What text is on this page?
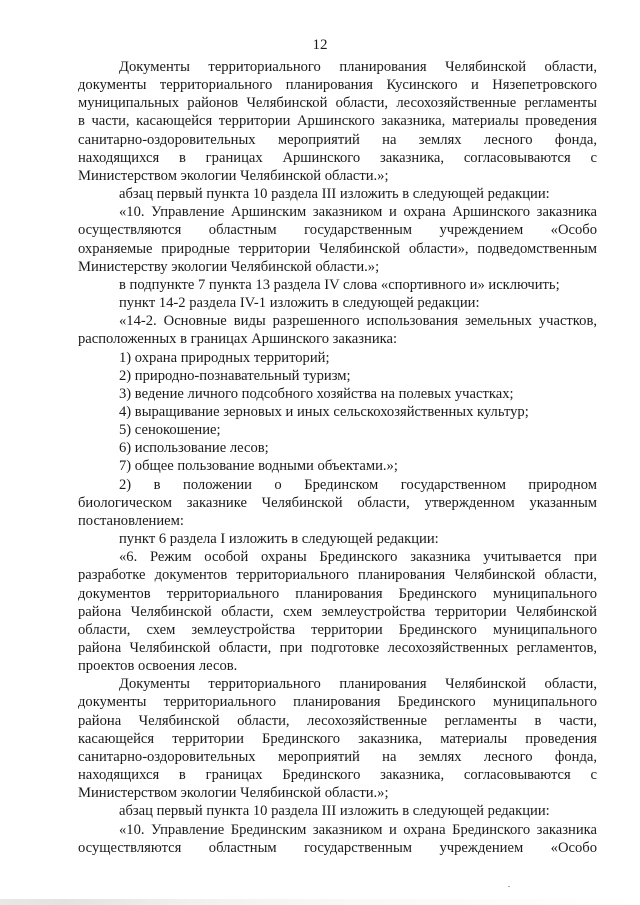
12
Документы территориального планирования Челябинской области,
документы территориального планирования Кусинского и Нязепетровского
муниципальных районов Челябинской области, лесохозяйственные регламенты
в части, касающейся территории Аршинского заказника, материалы проведения
санитарно-оздоровительных мероприятий на землях лесного фонда,
находящихся в границах Аршинского заказника, согласовываются с
Министерством экологии Челябинской области.»;
абзац первый пункта 10 раздела III изложить в следующей редакции:
«10. Управление Аршинским заказником и охрана Аршинского заказника
осуществляются областным государственным учреждением «Особо
охраняемые природные территории Челябинской области», подведомственным
Министерству экологии Челябинской области.»;
в подпункте 7 пункта 13 раздела IV слова «спортивного и» исключить;
пункт 14-2 раздела IV-1 изложить в следующей редакции:
«14-2. Основные виды разрешенного использования земельных участков,
расположенных в границах Аршинского заказника:
1) охрана природных территорий;
2) природно-познавательный туризм;
3) ведение личного подсобного хозяйства на полевых участках;
4) выращивание зерновых и иных сельскохозяйственных культур;
5) сенокошение;
6) использование лесов;
7) общее пользование водными объектами.»;
2) в положении о Брединском государственном природном
биологическом заказнике Челябинской области, утвержденном указанным
постановлением:
пункт 6 раздела I изложить в следующей редакции:
«6. Режим особой охраны Брединского заказника учитывается при
разработке документов территориального планирования Челябинской области,
документов территориального планирования Брединского муниципального
района Челябинской области, схем землеустройства территории Челябинской
области, схем землеустройства территории Брединского муниципального
района Челябинской области, при подготовке лесохозяйственных регламентов,
проектов освоения лесов.
Документы территориального планирования Челябинской области,
документы территориального планирования Брединского муниципального
района Челябинской области, лесохозяйственные регламенты в части,
касающейся территории Брединского заказника, материалы проведения
санитарно-оздоровительных мероприятий на землях лесного фонда,
находящихся в границах Брединского заказника, согласовываются с
Министерством экологии Челябинской области.»;
абзац первый пункта 10 раздела III изложить в следующей редакции:
«10. Управление Брединским заказником и охрана Брединского заказника
осуществляются областным государственным учреждением «Особо
